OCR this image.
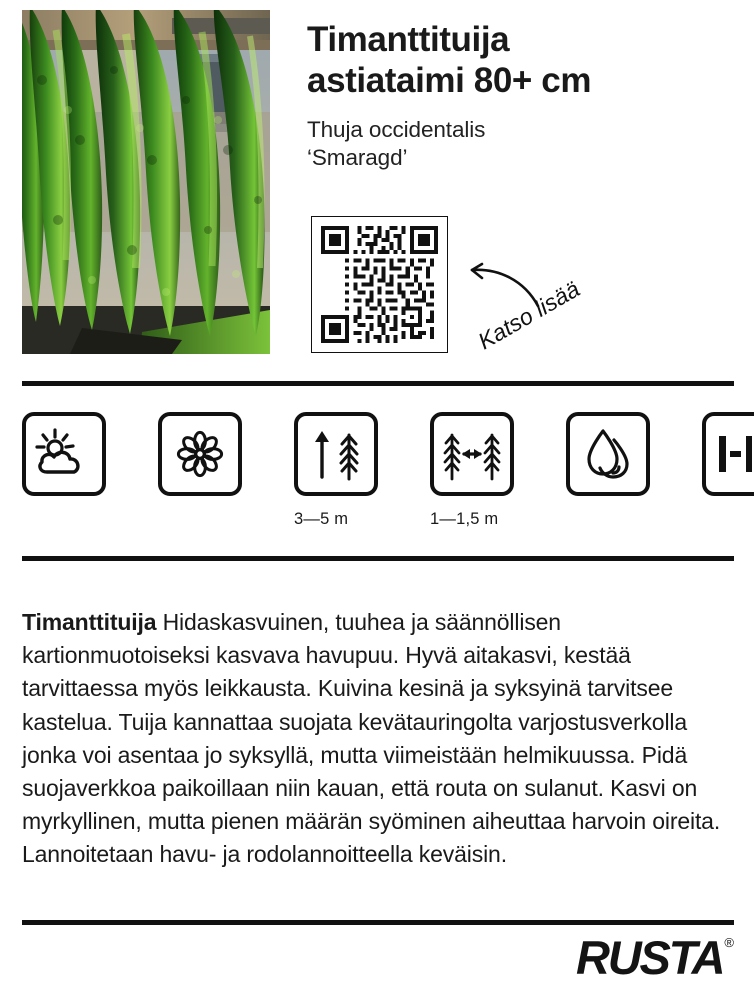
Timanttituija
astiataimi 80+ cm

Thuja occidentalis
‘Smaragd’

Katso lisää
3—5 m	1—1,5 m

Timanttituija Hidaskasvuinen, tuuhea ja säännöllisen kartionmuotoiseksi kasvava havupuu. Hyvä aitakasvi, kestää tarvittaessa myös leikkausta. Kuivina kesinä ja syksyinä tarvitsee kastelua. Tuija kannattaa suojata kevätauringolta varjostusverkolla jonka voi asentaa jo syksyllä, mutta viimeistään helmikuussa. Pidä suojaverkkoa paikoillaan niin kauan, että routa on sulanut. Kasvi on myrkyllinen, mutta pienen määrän syöminen aiheuttaa harvoin oireita. Lannoitetaan havu- ja rodolannoitteella keväisin.

RUSTA ®
